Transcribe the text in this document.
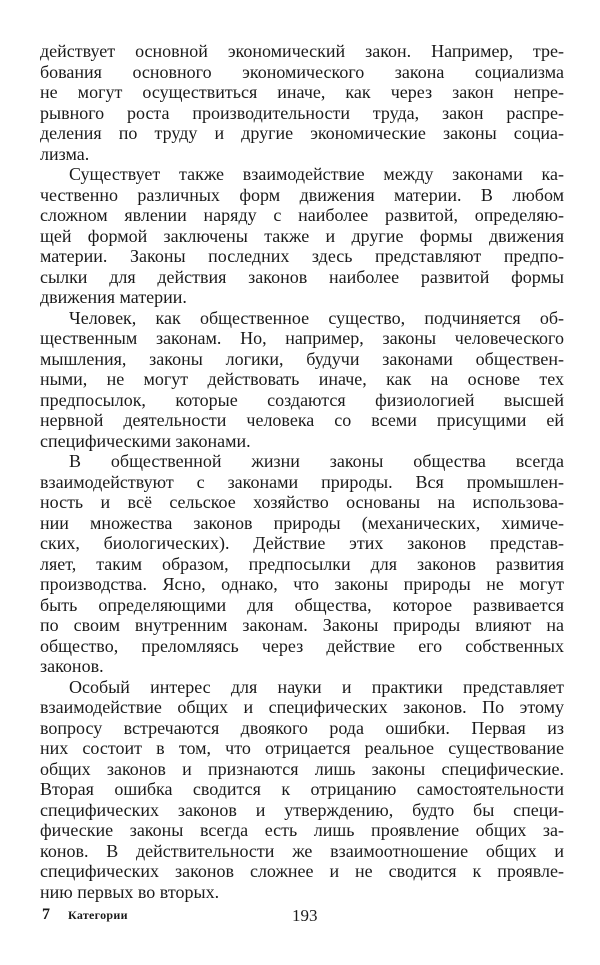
действует основной экономический закон. Например, тре-
бования основного экономического закона социализма
не могут осуществиться иначе, как через закон непре-
рывного роста производительности труда, закон распре-
деления по труду и другие экономические законы социа-
лизма.
Существует также взаимодействие между законами ка-
чественно различных форм движения материи. В любом
сложном явлении наряду с наиболее развитой, определяю-
щей формой заключены также и другие формы движения
материи. Законы последних здесь представляют предпо-
сылки для действия законов наиболее развитой формы
движения материи.
Человек, как общественное существо, подчиняется об-
щественным законам. Но, например, законы человеческого
мышления, законы логики, будучи законами обществен-
ными, не могут действовать иначе, как на основе тех
предпосылок, которые создаются физиологией высшей
нервной деятельности человека со всеми присущими ей
специфическими законами.
В общественной жизни законы общества всегда
взаимодействуют с законами природы. Вся промышлен-
ность и всё сельское хозяйство основаны на использова-
нии множества законов природы (механических, химиче-
ских, биологических). Действие этих законов представ-
ляет, таким образом, предпосылки для законов развития
производства. Ясно, однако, что законы природы не могут
быть определяющими для общества, которое развивается
по своим внутренним законам. Законы природы влияют на
общество, преломляясь через действие его собственных
законов.
Особый интерес для науки и практики представляет
взаимодействие общих и специфических законов. По этому
вопросу встречаются двоякого рода ошибки. Первая из
них состоит в том, что отрицается реальное существование
общих законов и признаются лишь законы специфические.
Вторая ошибка сводится к отрицанию самостоятельности
специфических законов и утверждению, будто бы специ-
фические законы всегда есть лишь проявление общих за-
конов. В действительности же взаимоотношение общих и
специфических законов сложнее и не сводится к проявле-
нию первых во вторых.
7 Категории	193
